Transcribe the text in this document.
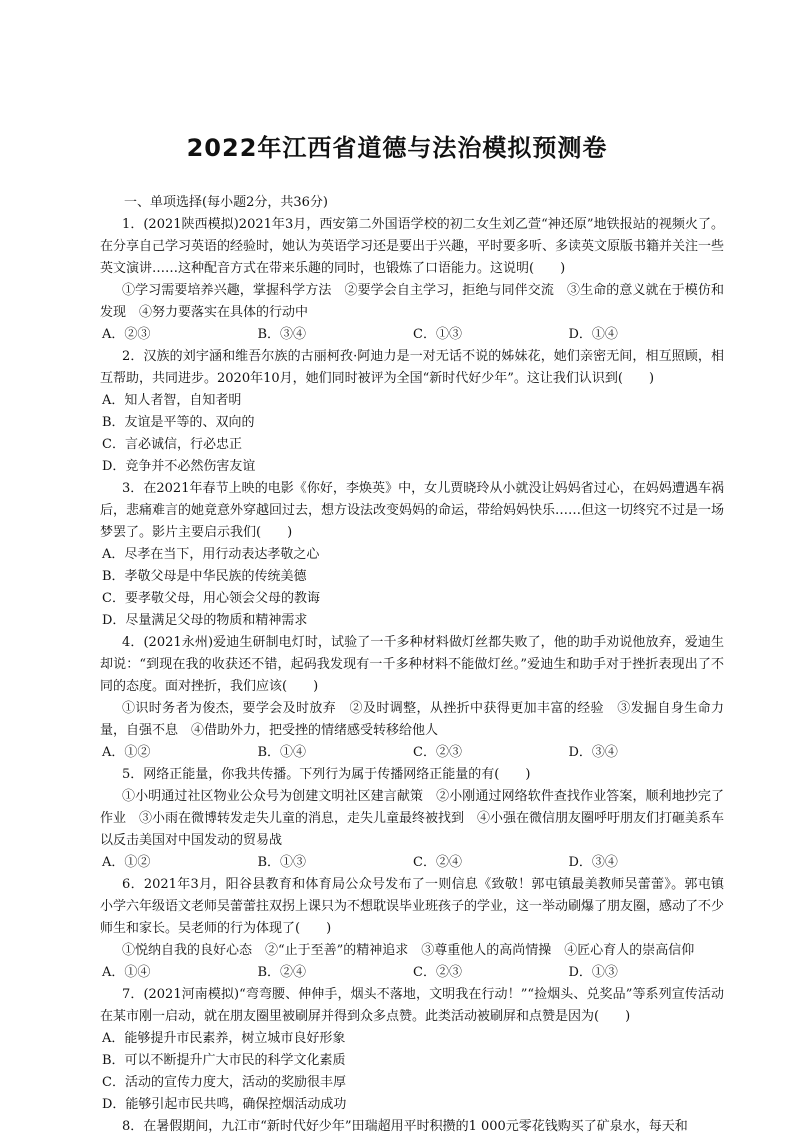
2022年江西省道德与法治模拟预测卷

一、单项选择(每小题2分，共36分)

1．(2021陕西模拟)2021年3月，西安第二外国语学校的初二女生刘乙萱“神还原”地铁报站的视频火了。在分享自己学习英语的经验时，她认为英语学习还是要出于兴趣，平时要多听、多读英文原版书籍并关注一些英文演讲……这种配音方式在带来乐趣的同时，也锻炼了口语能力。这说明(　　)

①学习需要培养兴趣，掌握科学方法　②要学会自主学习，拒绝与同伴交流　③生命的意义就在于模仿和发现　④努力要落实在具体的行动中

A．②③	B．③④	C．①③	D．①④

2．汉族的刘宇涵和维吾尔族的古丽柯孜·阿迪力是一对无话不说的姊妹花，她们亲密无间，相互照顾，相互帮助，共同进步。2020年10月，她们同时被评为全国“新时代好少年”。这让我们认识到(　　)

A．知人者智，自知者明
B．友谊是平等的、双向的
C．言必诚信，行必忠正
D．竞争并不必然伤害友谊

3．在2021年春节上映的电影《你好，李焕英》中，女儿贾晓玲从小就没让妈妈省过心，在妈妈遭遇车祸后，悲痛难言的她竟意外穿越回过去，想方设法改变妈妈的命运，带给妈妈快乐……但这一切终究不过是一场梦罢了。影片主要启示我们(　　)

A．尽孝在当下，用行动表达孝敬之心
B．孝敬父母是中华民族的传统美德
C．要孝敬父母，用心领会父母的教诲
D．尽量满足父母的物质和精神需求

4．(2021永州)爱迪生研制电灯时，试验了一千多种材料做灯丝都失败了，他的助手劝说他放弃，爱迪生却说：“到现在我的收获还不错，起码我发现有一千多种材料不能做灯丝。”爱迪生和助手对于挫折表现出了不同的态度。面对挫折，我们应该(　　)

①识时务者为俊杰，要学会及时放弃　②及时调整，从挫折中获得更加丰富的经验　③发掘自身生命力量，自强不息　④借助外力，把受挫的情绪感受转移给他人

A．①②	B．①④	C．②③	D．③④

5．网络正能量，你我共传播。下列行为属于传播网络正能量的有(　　)

①小明通过社区物业公众号为创建文明社区建言献策　②小刚通过网络软件查找作业答案，顺利地抄完了作业　③小雨在微博转发走失儿童的消息，走失儿童最终被找到　④小强在微信朋友圈呼吁朋友们打砸美系车以反击美国对中国发动的贸易战

A．①②	B．①③	C．②④	D．③④

6．2021年3月，阳谷县教育和体育局公众号发布了一则信息《致敬！郭屯镇最美教师吴蕾蕾》。郭屯镇小学六年级语文老师吴蕾蕾拄双拐上课只为不想耽误毕业班孩子的学业，这一举动刷爆了朋友圈，感动了不少师生和家长。吴老师的行为体现了(　　)

①悦纳自我的良好心态　②“止于至善”的精神追求　③尊重他人的高尚情操　④匠心育人的崇高信仰

A．①④	B．②④	C．②③	D．①③

7．(2021河南模拟)“弯弯腰、伸伸手，烟头不落地，文明我在行动！”“捡烟头、兑奖品”等系列宣传活动在某市刚一启动，就在朋友圈里被刷屏并得到众多点赞。此类活动被刷屏和点赞是因为(　　)

A．能够提升市民素养，树立城市良好形象
B．可以不断提升广大市民的科学文化素质
C．活动的宣传力度大，活动的奖励很丰厚
D．能够引起市民共鸣，确保控烟活动成功

8．在暑假期间，九江市“新时代好少年”田瑞超用平时积攒的1 000元零花钱购买了矿泉水，每天和
